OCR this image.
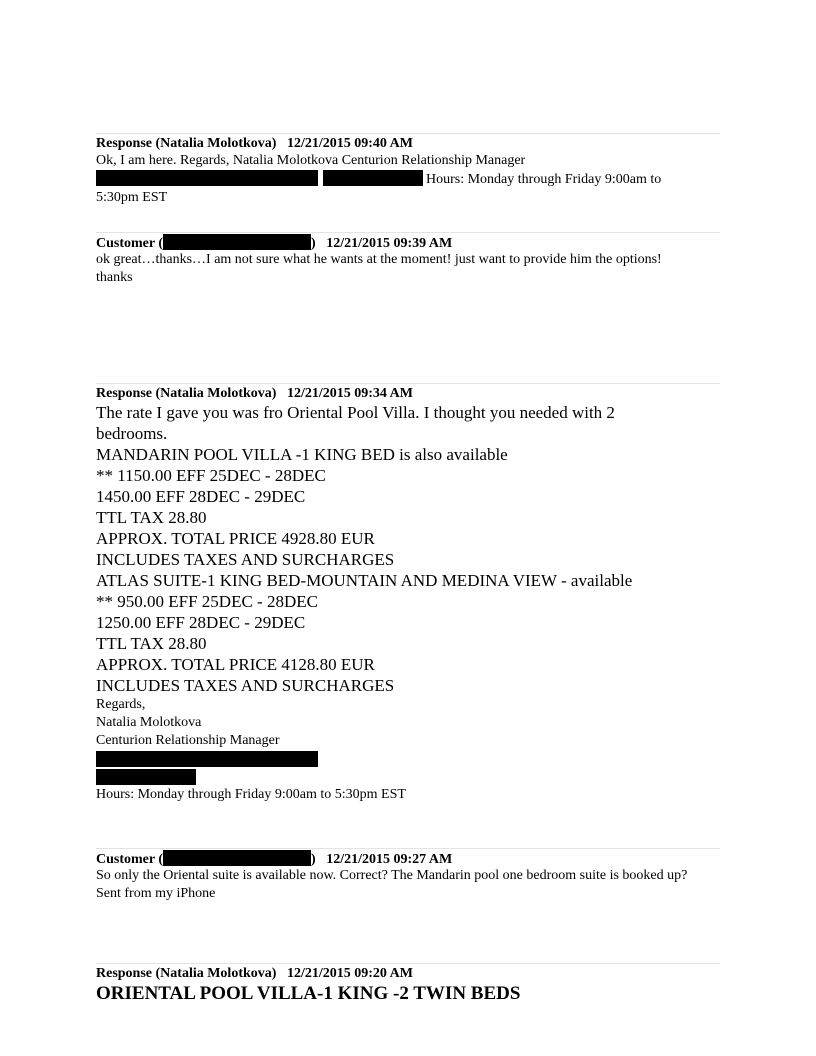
Response (Natalia Molotkova) 12/21/2015 09:40 AM
Ok, I am here. Regards, Natalia Molotkova Centurion Relationship Manager
Hours: Monday through Friday 9:00am to
5:30pm EST
Customer (	) 12/21/2015 09:39 AM
ok great…thanks…I am not sure what he wants at the moment! just want to provide him the options! thanks
Response (Natalia Molotkova) 12/21/2015 09:34 AM
The rate I gave you was fro Oriental Pool Villa. I thought you needed with 2
bedrooms.
MANDARIN POOL VILLA -1 KING BED is also available
** 1150.00 EFF 25DEC - 28DEC
1450.00 EFF 28DEC - 29DEC
TTL TAX 28.80
APPROX. TOTAL PRICE 4928.80 EUR
INCLUDES TAXES AND SURCHARGES
ATLAS SUITE-1 KING BED-MOUNTAIN AND MEDINA VIEW - available
** 950.00 EFF 25DEC - 28DEC
1250.00 EFF 28DEC - 29DEC
TTL TAX 28.80
APPROX. TOTAL PRICE 4128.80 EUR
INCLUDES TAXES AND SURCHARGES
Regards,
Natalia Molotkova
Centurion Relationship Manager
Hours: Monday through Friday 9:00am to 5:30pm EST
Customer (	) 12/21/2015 09:27 AM
So only the Oriental suite is available now. Correct? The Mandarin pool one bedroom suite is booked up? Sent from my iPhone
Response (Natalia Molotkova) 12/21/2015 09:20 AM
ORIENTAL POOL VILLA-1 KING -2 TWIN BEDS
